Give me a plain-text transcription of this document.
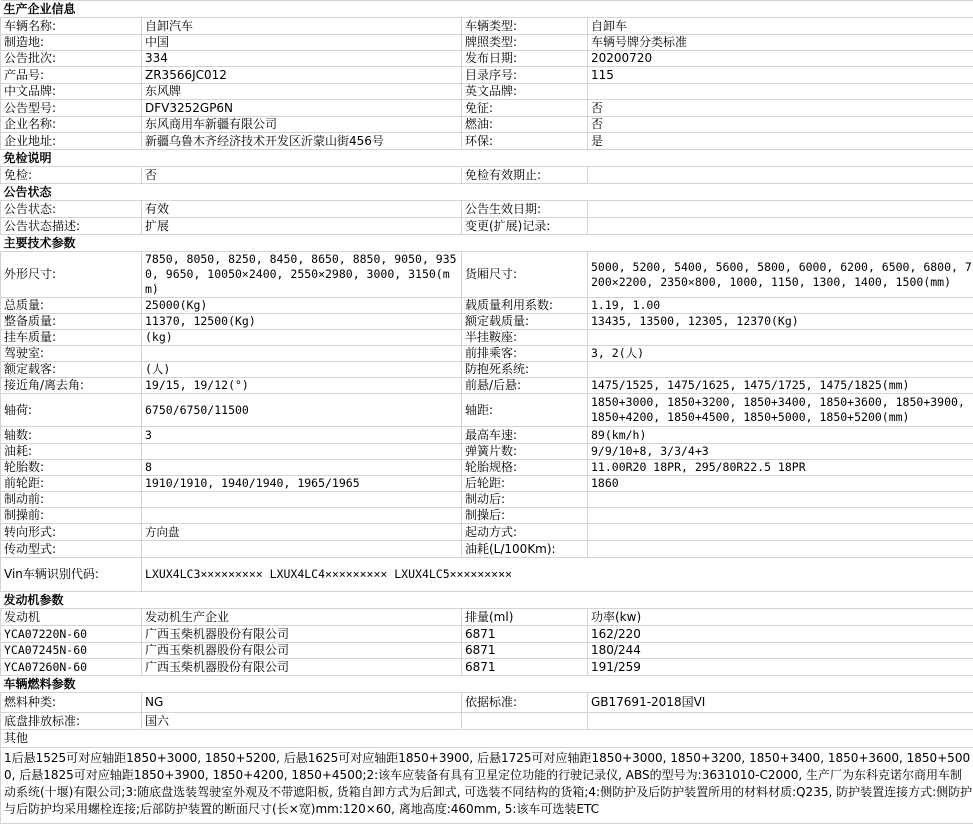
生产企业信息			
车辆名称:	自卸汽车	车辆类型:	自卸车
制造地:	中国	牌照类型:	车辆号牌分类标准
公告批次:	334	发布日期:	20200720
产品号:	ZR3566JC012	目录序号:	115
中文品牌:	东风牌	英文品牌:	
公告型号:	DFV3252GP6N	免征:	否
企业名称:	东风商用车新疆有限公司	燃油:	否
企业地址:	新疆乌鲁木齐经济技术开发区沂蒙山街456号	环保:	是
免检说明			
免检:	否	免检有效期止:	
公告状态			
公告状态:	有效	公告生效日期:	
公告状态描述:	扩展	变更(扩展)记录:	
主要技术参数			
外形尺寸:	7850, 8050, 8250, 8450, 8650, 8850, 9050, 9350, 9650, 10050×2400, 2550×2980, 3000, 3150(mm)	货厢尺寸:	5000, 5200, 5400, 5600, 5800, 6000, 6200, 6500, 6800, 7200×2200, 2350×800, 1000, 1150, 1300, 1400, 1500(mm)
总质量:	25000(Kg)	载质量利用系数:	1.19, 1.00
整备质量:	11370, 12500(Kg)	额定载质量:	13435, 13500, 12305, 12370(Kg)
挂车质量:	(kg)	半挂鞍座:	
驾驶室:		前排乘客:	3, 2(人)
额定载客:	(人)	防抱死系统:	
接近角/离去角:	19/15, 19/12(°)	前悬/后悬:	1475/1525, 1475/1625, 1475/1725, 1475/1825(mm)
轴荷:	6750/6750/11500	轴距:	1850+3000, 1850+3200, 1850+3400, 1850+3600, 1850+3900, 1850+4200, 1850+4500, 1850+5000, 1850+5200(mm)
轴数:	3	最高车速:	89(km/h)
油耗:		弹簧片数:	9/9/10+8, 3/3/4+3
轮胎数:	8	轮胎规格:	11.00R20 18PR, 295/80R22.5 18PR
前轮距:	1910/1910, 1940/1940, 1965/1965	后轮距:	1860
制动前:		制动后:	
制操前:		制操后:	
转向形式:	方向盘	起动方式:	
传动型式:		油耗(L/100Km):	
Vin车辆识别代码:	LXUX4LC3××××××××× LXUX4LC4××××××××× LXUX4LC5×××××××××		
发动机参数			
发动机	发动机生产企业	排量(ml)	功率(kw)
YCA07220N-60	广西玉柴机器股份有限公司	6871	162/220
YCA07245N-60	广西玉柴机器股份有限公司	6871	180/244
YCA07260N-60	广西玉柴机器股份有限公司	6871	191/259
车辆燃料参数			
燃料种类:	NG	依据标准:	GB17691-2018国VI
底盘排放标准:	国六		
其他			
1后悬1525可对应轴距1850+3000, 1850+5200, 后悬1625可对应轴距1850+3900, 后悬1725可对应轴距1850+3000, 1850+3200, 1850+3400, 1850+3600, 1850+5000, 后悬1825可对应轴距1850+3900, 1850+4200, 1850+4500;2:该车应装备有具有卫星定位功能的行驶记录仪, ABS的型号为:3631010-C2000, 生产厂为东科克诺尔商用车制动系统(十堰)有限公司;3:随底盘选装驾驶室外观及不带遮阳板, 货箱自卸方式为后卸式, 可选装不同结构的货箱;4:侧防护及后防护装置所用的材料材质:Q235, 防护装置连接方式:侧防护与后防护均采用螺栓连接;后部防护装置的断面尺寸(长×宽)mm:120×60, 离地高度:460mm, 5:该车可选装ETC			
